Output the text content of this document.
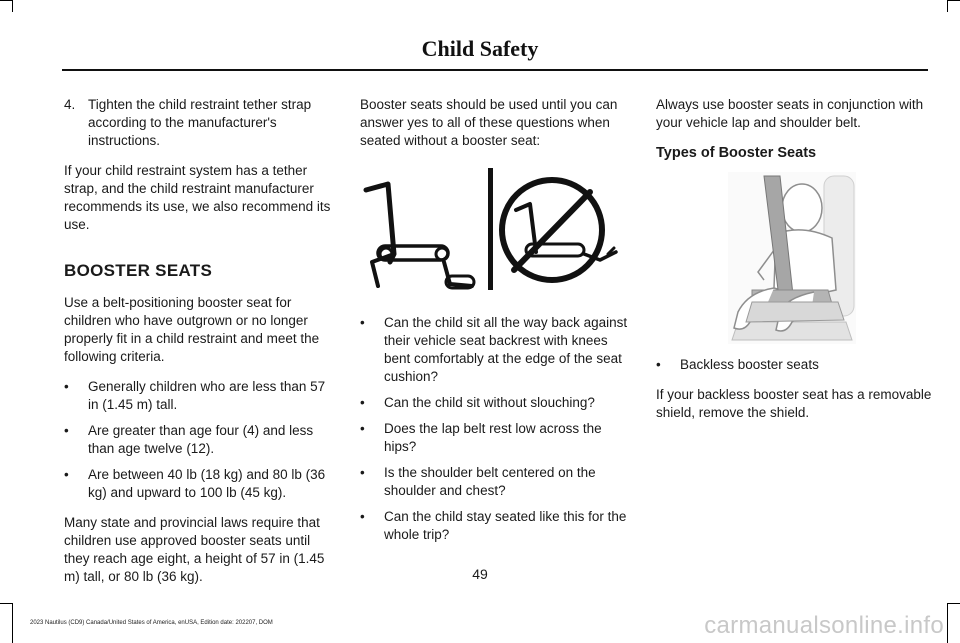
Child Safety
4. Tighten the child restraint tether strap according to the manufacturer's instructions.

If your child restraint system has a tether strap, and the child restraint manufacturer recommends its use, we also recommend its use.

BOOSTER SEATS

Use a belt-positioning booster seat for children who have outgrown or no longer properly fit in a child restraint and meet the following criteria.

• Generally children who are less than 57 in (1.45 m) tall.
• Are greater than age four (4) and less than age twelve (12).
• Are between 40 lb (18 kg) and 80 lb (36 kg) and upward to 100 lb (45 kg).

Many state and provincial laws require that children use approved booster seats until they reach age eight, a height of 57 in (1.45 m) tall, or 80 lb (36 kg).

Booster seats should be used until you can answer yes to all of these questions when seated without a booster seat:

• Can the child sit all the way back against their vehicle seat backrest with knees bent comfortably at the edge of the seat cushion?
• Can the child sit without slouching?
• Does the lap belt rest low across the hips?
• Is the shoulder belt centered on the shoulder and chest?
• Can the child stay seated like this for the whole trip?

Always use booster seats in conjunction with your vehicle lap and shoulder belt.

Types of Booster Seats
• Backless booster seats

If your backless booster seat has a removable shield, remove the shield.

49
2023 Nautilus (CD9) Canada/United States of America, enUSA, Edition date: 202207, DOM	carmanualsonline.info
